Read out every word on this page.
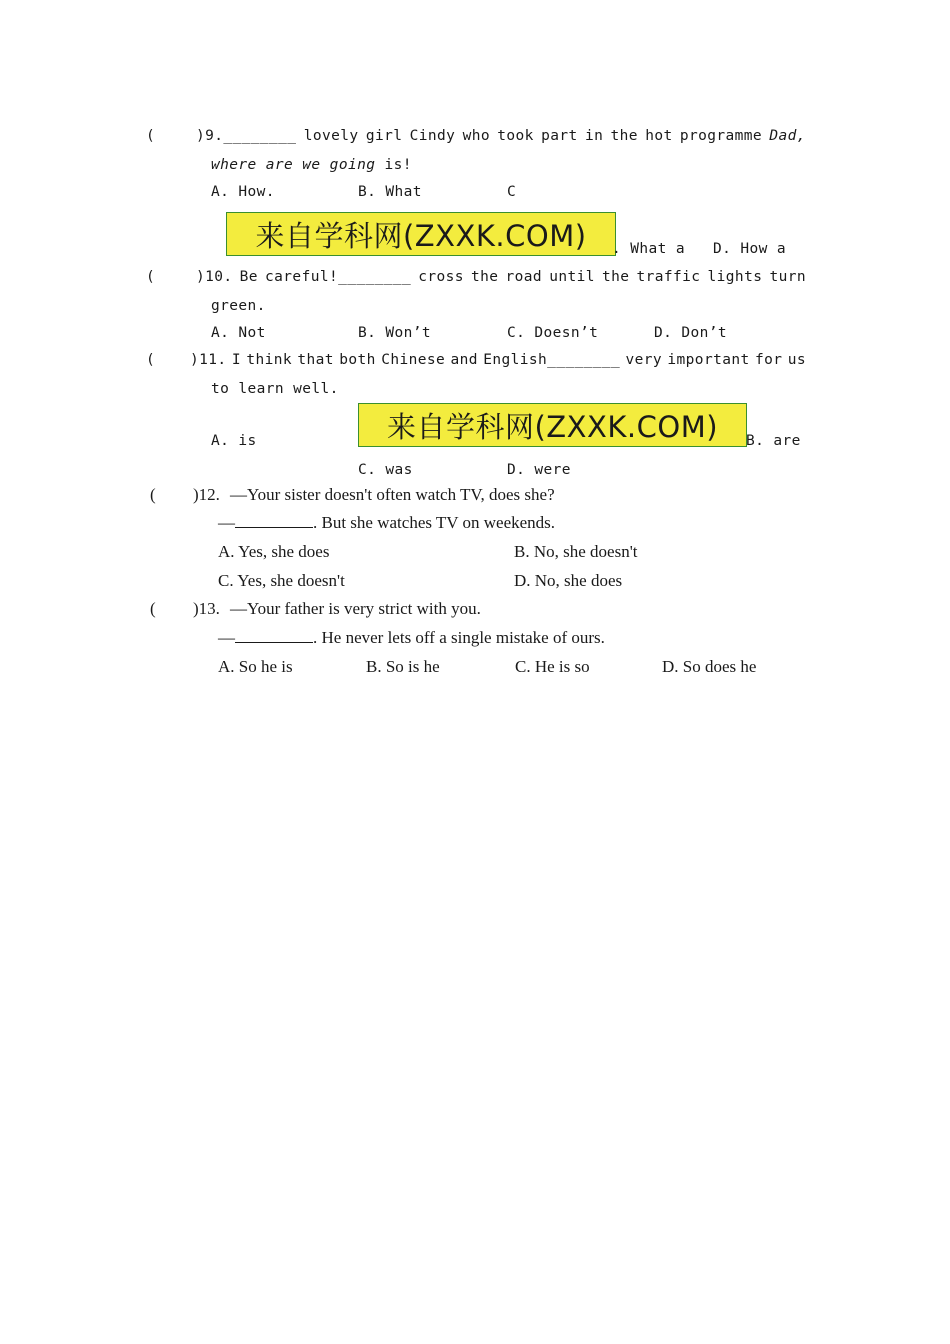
(	)9.________ lovely girl Cindy who took part in the hot programme Dad,
where are we going is!
A. How.	B. What	C
来自学科网(ZXXK.COM) . What a D. How a
(	)10. Be careful!________ cross the road until the traffic lights turn
green.
A. Not	B. Won’t	C. Doesn’t	D. Don’t
( )11. I think that both Chinese and English________ very important for us
to learn well.
A. is	来自学科网(ZXXK.COM) B. are
C. was	D. were
( )12. —Your sister doesn't often watch TV, does she?
—	. But she watches TV on weekends.
A. Yes, she does	B. No, she doesn't
C. Yes, she doesn't	D. No, she does
( )13. —Your father is very strict with you.
—	. He never lets off a single mistake of ours.
A. So he is	B. So is he	C. He is so	D. So does he
